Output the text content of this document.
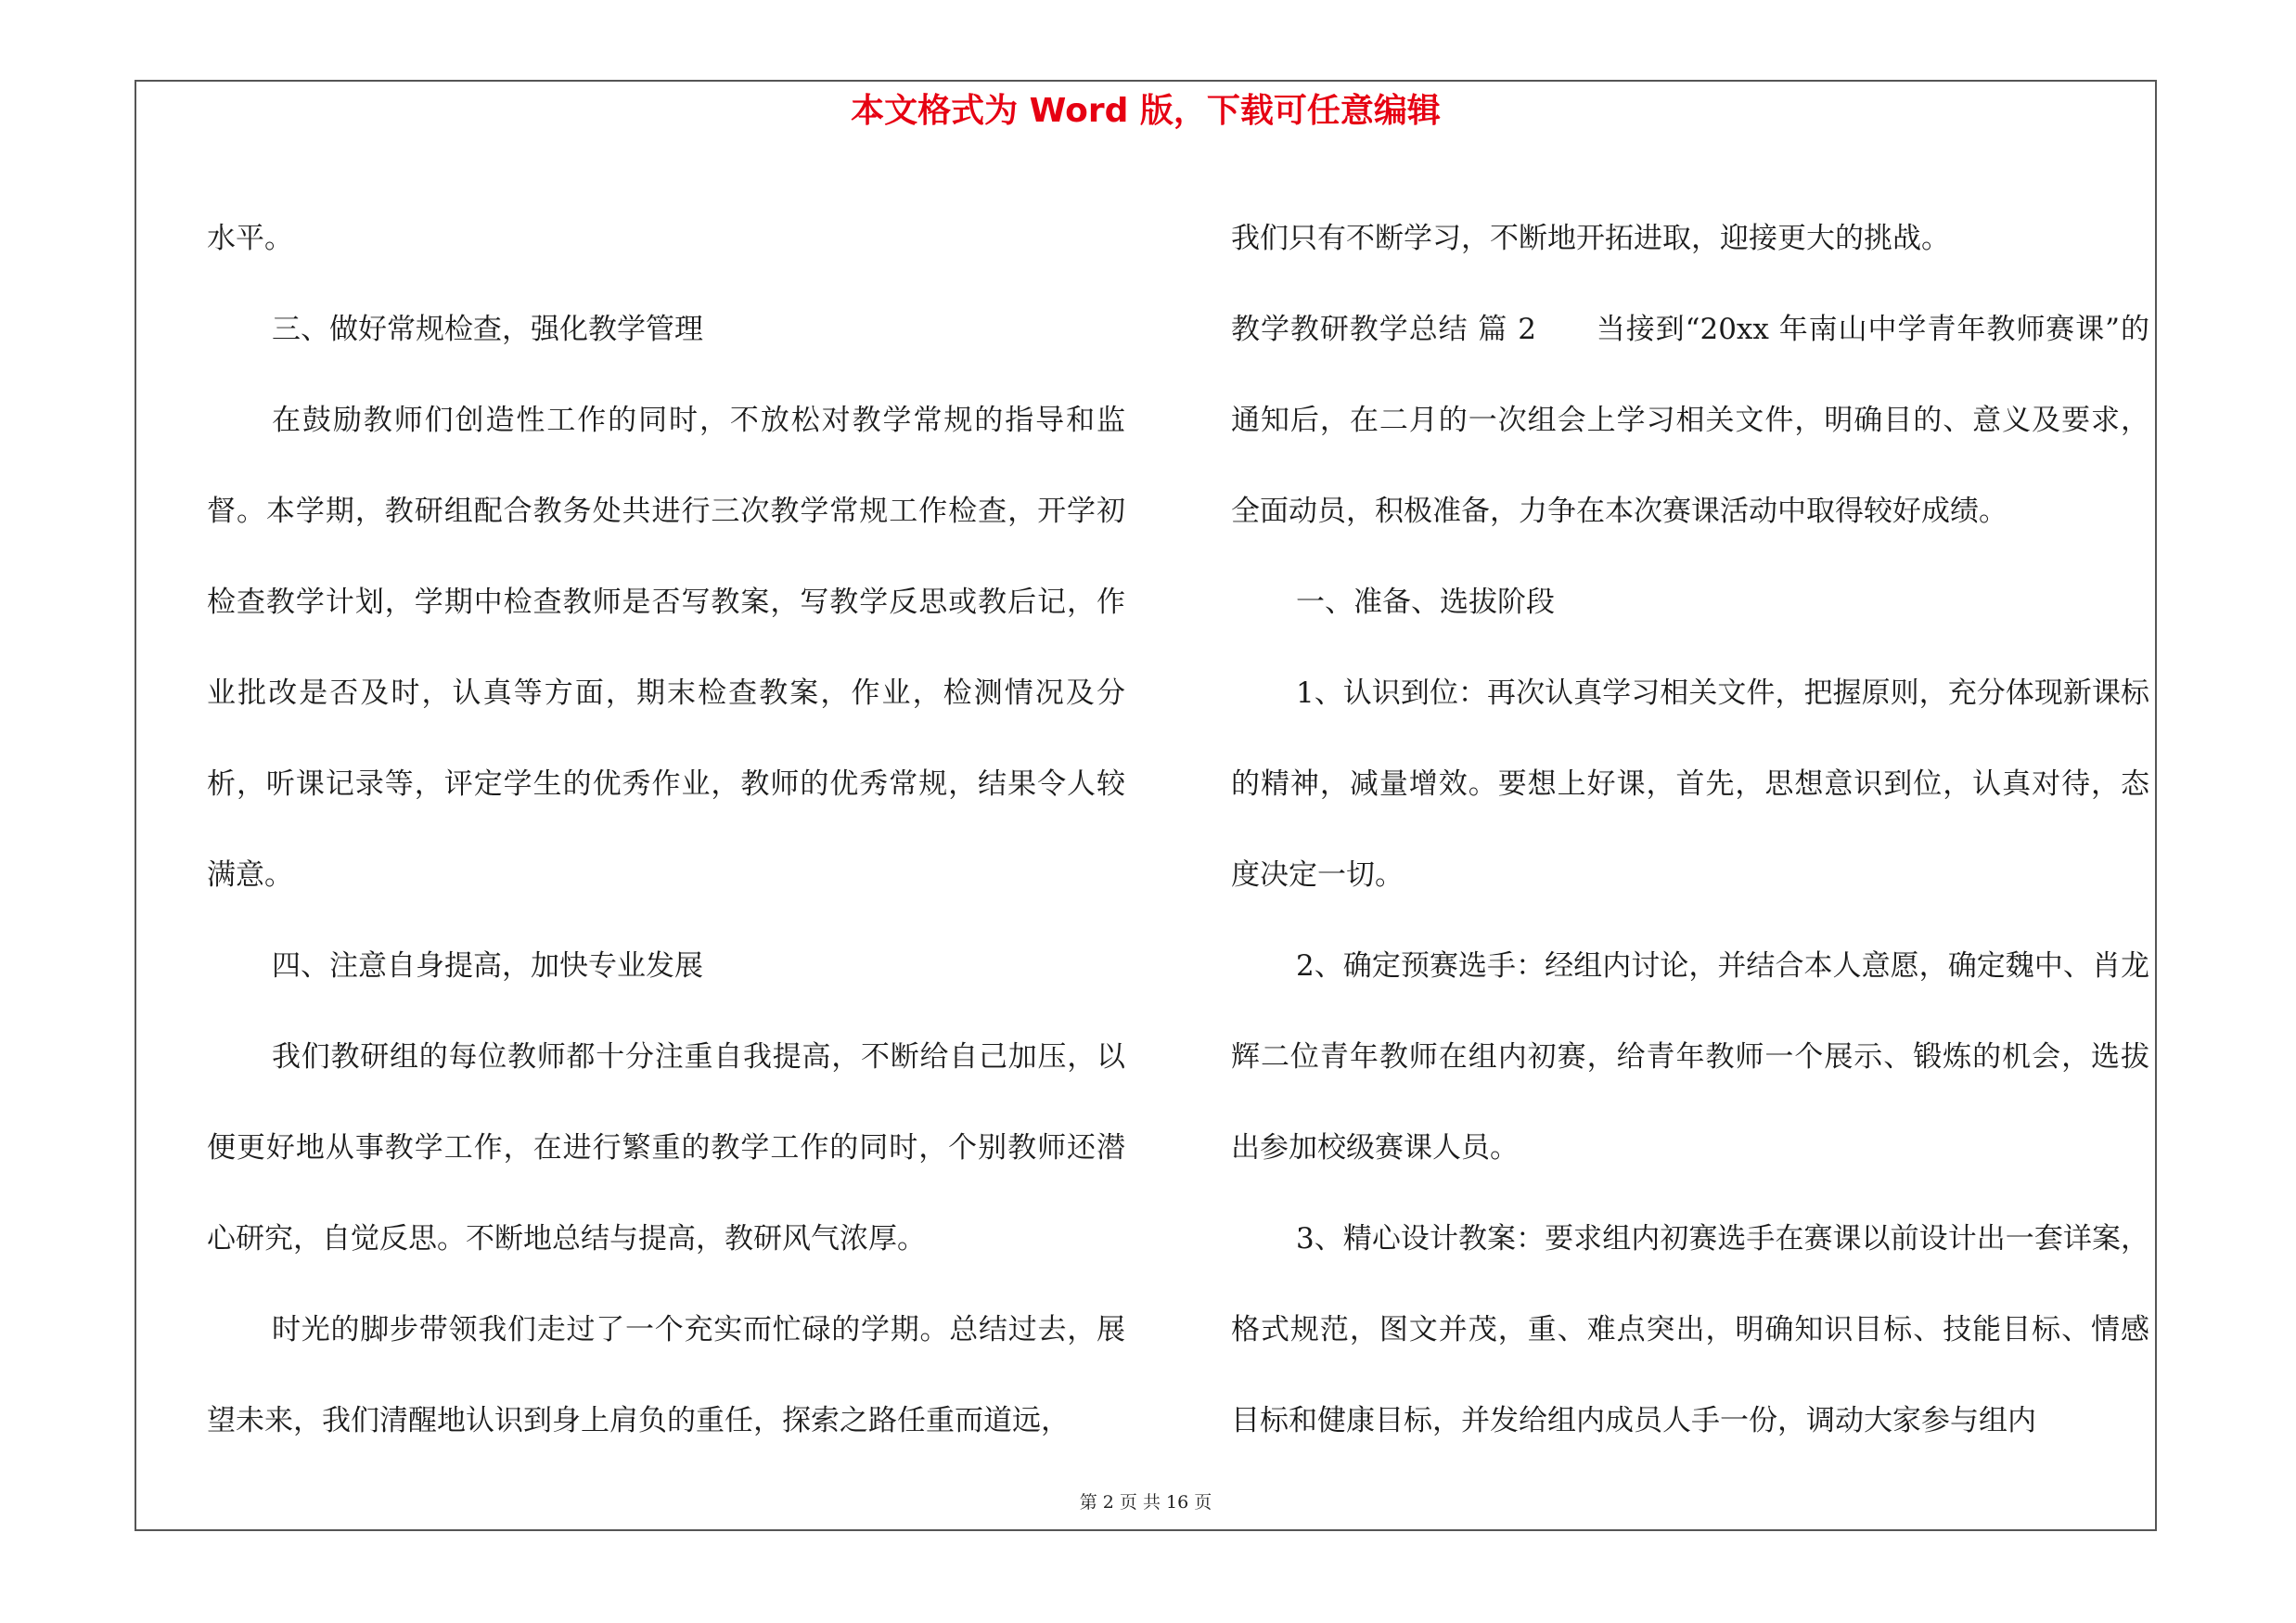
本文格式为 Word 版，下载可任意编辑

水平。

三、做好常规检查，强化教学管理

在鼓励教师们创造性工作的同时，不放松对教学常规的指导和监督。本学期，教研组配合教务处共进行三次教学常规工作检查，开学初检查教学计划，学期中检查教师是否写教案，写教学反思或教后记，作业批改是否及时，认真等方面，期末检查教案，作业，检测情况及分析，听课记录等，评定学生的优秀作业，教师的优秀常规，结果令人较满意。

四、注意自身提高，加快专业发展

我们教研组的每位教师都十分注重自我提高，不断给自己加压，以便更好地从事教学工作，在进行繁重的教学工作的同时，个别教师还潜心研究，自觉反思。不断地总结与提高，教研风气浓厚。

时光的脚步带领我们走过了一个充实而忙碌的学期。总结过去，展望未来，我们清醒地认识到身上肩负的重任，探索之路任重而道远，

我们只有不断学习，不断地开拓进取，迎接更大的挑战。

教学教研教学总结 篇 2　　当接到“20xx 年南山中学青年教师赛课”的通知后，在二月的一次组会上学习相关文件，明确目的、意义及要求，全面动员，积极准备，力争在本次赛课活动中取得较好成绩。

一、准备、选拔阶段

1、认识到位：再次认真学习相关文件，把握原则，充分体现新课标的精神，减量增效。要想上好课，首先，思想意识到位，认真对待，态度决定一切。

2、确定预赛选手：经组内讨论，并结合本人意愿，确定魏中、肖龙辉二位青年教师在组内初赛，给青年教师一个展示、锻炼的机会，选拔出参加校级赛课人员。

3、精心设计教案：要求组内初赛选手在赛课以前设计出一套详案，格式规范，图文并茂，重、难点突出，明确知识目标、技能目标、情感目标和健康目标，并发给组内成员人手一份，调动大家参与组内

第 2 页 共 16 页
